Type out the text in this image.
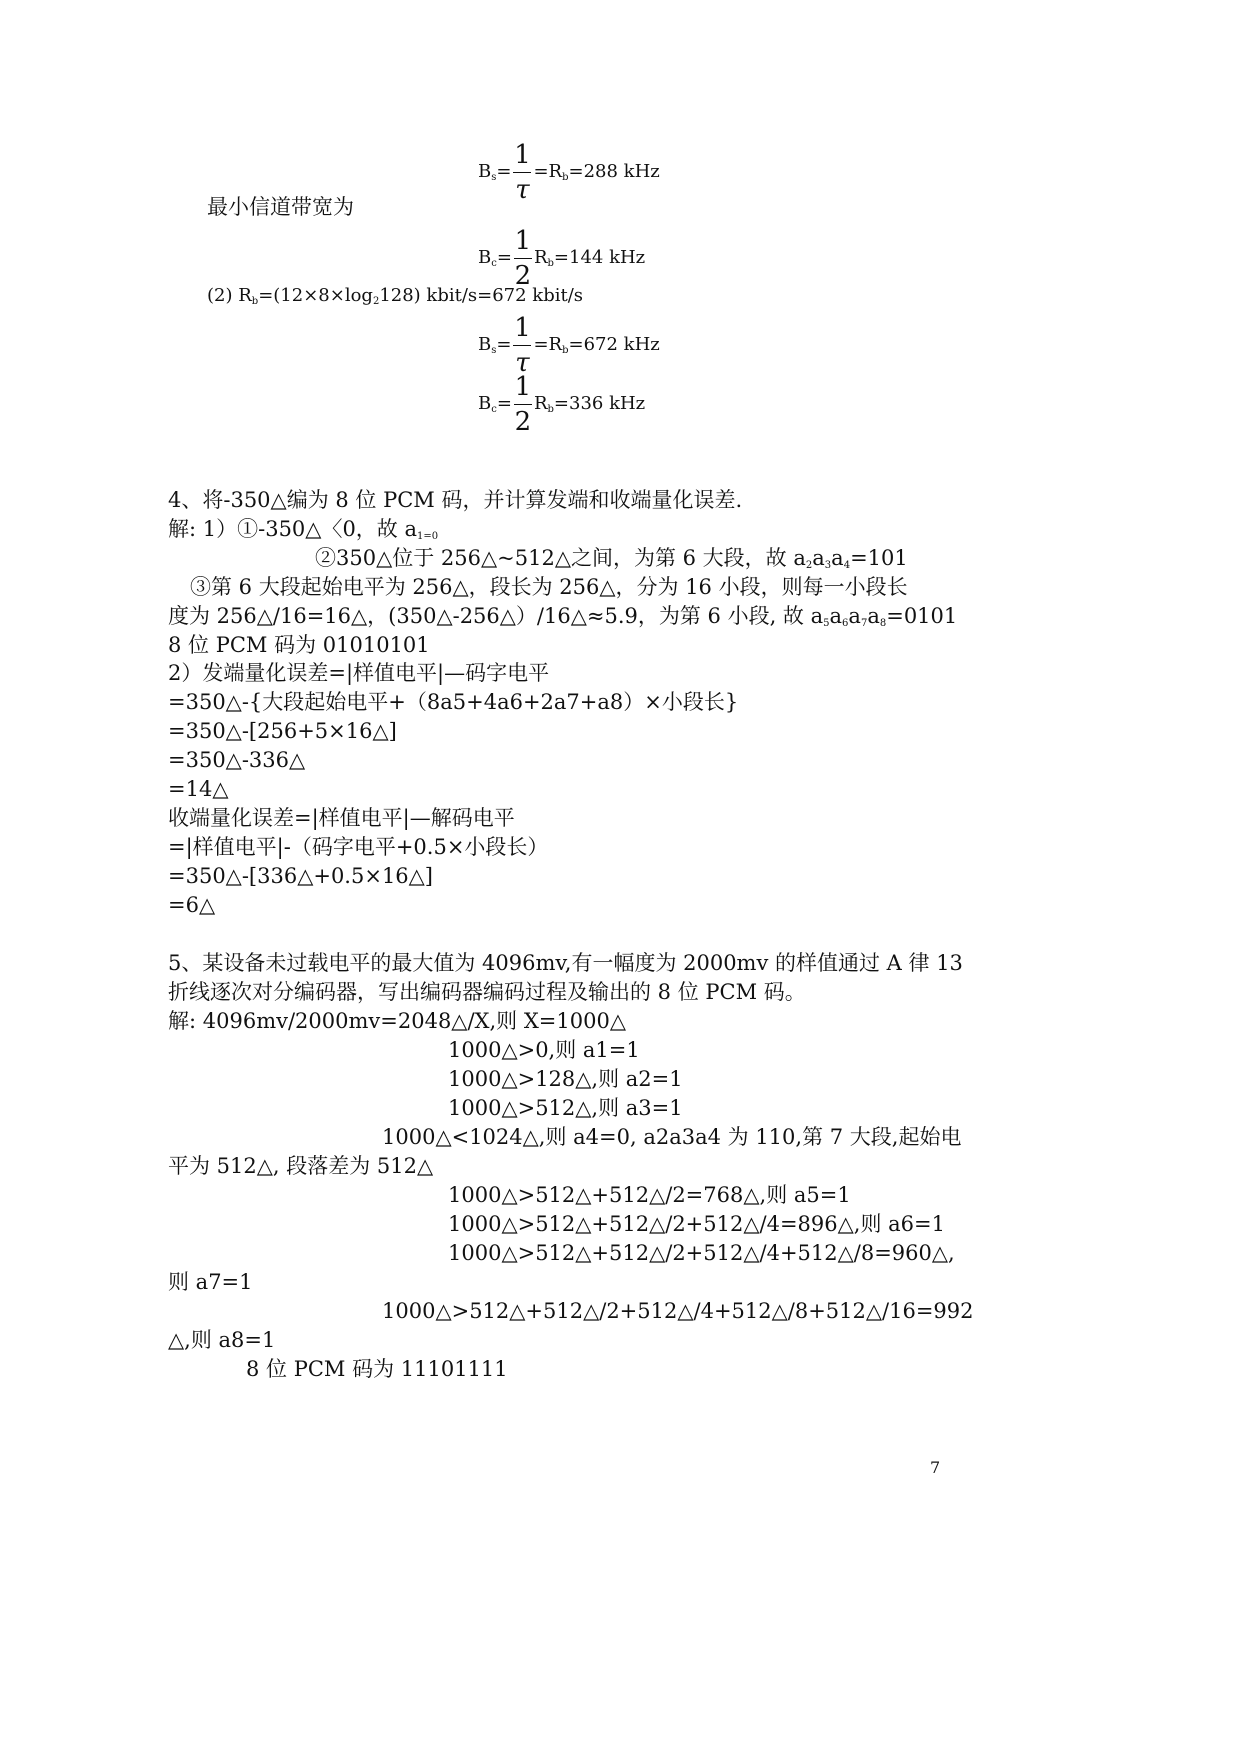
$B_s= \frac{1}{\tau} =R_b=288$ kHz
最小信道带宽为
$B_c= \frac{1}{2} R_b=144$ kHz
(2) $R_b=(12\times 8\times\log_2128)$ kbit/s=672 kbit/s
$B_s= \frac{1}{\tau} =R_b=672$ kHz
$B_c= \frac{1}{2} R_b=336$ kHz
4、将-350△编为 8 位 PCM 码，并计算发端和收端量化误差.
解: 1）①-350△〈0，故 $a_{1=0}$
②350△位于 256△~512△之间，为第 6 大段，故 $a_2a_3a_4=101$
③第 6 大段起始电平为 256△，段长为 256△，分为 16 小段，则每一小段长
度为 256△/16=16△，(350△-256△）/16△≈5.9，为第 6 小段, 故 $a_5a_6a_7a_8=0101$
8 位 PCM 码为 01010101
2）发端量化误差=|样值电平|—码字电平
=350△-{大段起始电平+（8a5+4a6+2a7+a8）×小段长}
=350△-[256+5×16△]
=350△-336△
=14△
收端量化误差=|样值电平|—解码电平
=|样值电平|-（码字电平+0.5×小段长）
=350△-[336△+0.5×16△]
=6△
5、某设备未过载电平的最大值为 4096mv,有一幅度为 2000mv 的样值通过 A 律 13
折线逐次对分编码器，写出编码器编码过程及输出的 8 位 PCM 码。
解: 4096mv/2000mv=2048△/X,则 X=1000△
1000△>0,则 a1=1
1000△>128△,则 a2=1
1000△>512△,则 a3=1
1000△<1024△,则 a4=0, a2a3a4 为 110,第 7 大段,起始电
平为 512△, 段落差为 512△
1000△>512△+512△/2=768△,则 a5=1
1000△>512△+512△/2+512△/4=896△,则 a6=1
1000△>512△+512△/2+512△/4+512△/8=960△,
则 a7=1
1000△>512△+512△/2+512△/4+512△/8+512△/16=992
△,则 a8=1
8 位 PCM 码为 11101111
7
